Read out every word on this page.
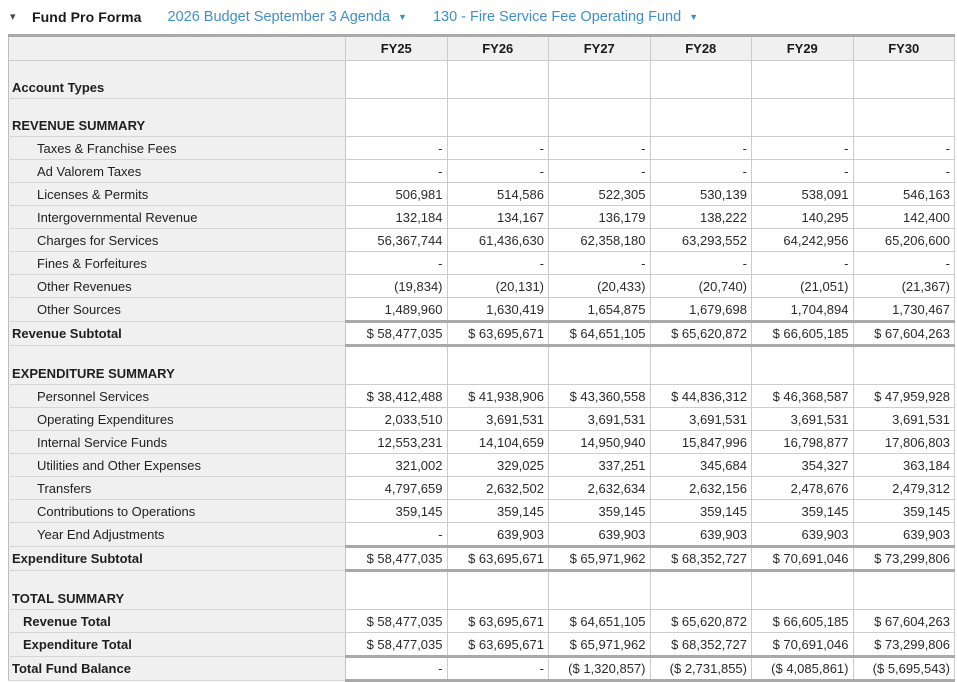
▾	Fund Pro Forma 2026 Budget September 3 Agenda ▼ 130 - Fire Service Fee Operating Fund ▼
	FY25	FY26	FY27	FY28	FY29	FY30
Account Types						
REVENUE SUMMARY						
Taxes & Franchise Fees	-	-	-	-	-	-
Ad Valorem Taxes	-	-	-	-	-	-
Licenses & Permits	506,981	514,586	522,305	530,139	538,091	546,163
Intergovernmental Revenue	132,184	134,167	136,179	138,222	140,295	142,400
Charges for Services	56,367,744	61,436,630	62,358,180	63,293,552	64,242,956	65,206,600
Fines & Forfeitures	-	-	-	-	-	-
Other Revenues	(19,834)	(20,131)	(20,433)	(20,740)	(21,051)	(21,367)
Other Sources	1,489,960	1,630,419	1,654,875	1,679,698	1,704,894	1,730,467
Revenue Subtotal	$ 58,477,035	$ 63,695,671	$ 64,651,105	$ 65,620,872	$ 66,605,185	$ 67,604,263
EXPENDITURE SUMMARY						
Personnel Services	$ 38,412,488	$ 41,938,906	$ 43,360,558	$ 44,836,312	$ 46,368,587	$ 47,959,928
Operating Expenditures	2,033,510	3,691,531	3,691,531	3,691,531	3,691,531	3,691,531
Internal Service Funds	12,553,231	14,104,659	14,950,940	15,847,996	16,798,877	17,806,803
Utilities and Other Expenses	321,002	329,025	337,251	345,684	354,327	363,184
Transfers	4,797,659	2,632,502	2,632,634	2,632,156	2,478,676	2,479,312
Contributions to Operations	359,145	359,145	359,145	359,145	359,145	359,145
Year End Adjustments	-	639,903	639,903	639,903	639,903	639,903
Expenditure Subtotal	$ 58,477,035	$ 63,695,671	$ 65,971,962	$ 68,352,727	$ 70,691,046	$ 73,299,806
TOTAL SUMMARY						
Revenue Total	$ 58,477,035	$ 63,695,671	$ 64,651,105	$ 65,620,872	$ 66,605,185	$ 67,604,263
Expenditure Total	$ 58,477,035	$ 63,695,671	$ 65,971,962	$ 68,352,727	$ 70,691,046	$ 73,299,806
Total Fund Balance	-	-	($ 1,320,857)	($ 2,731,855)	($ 4,085,861)	($ 5,695,543)
